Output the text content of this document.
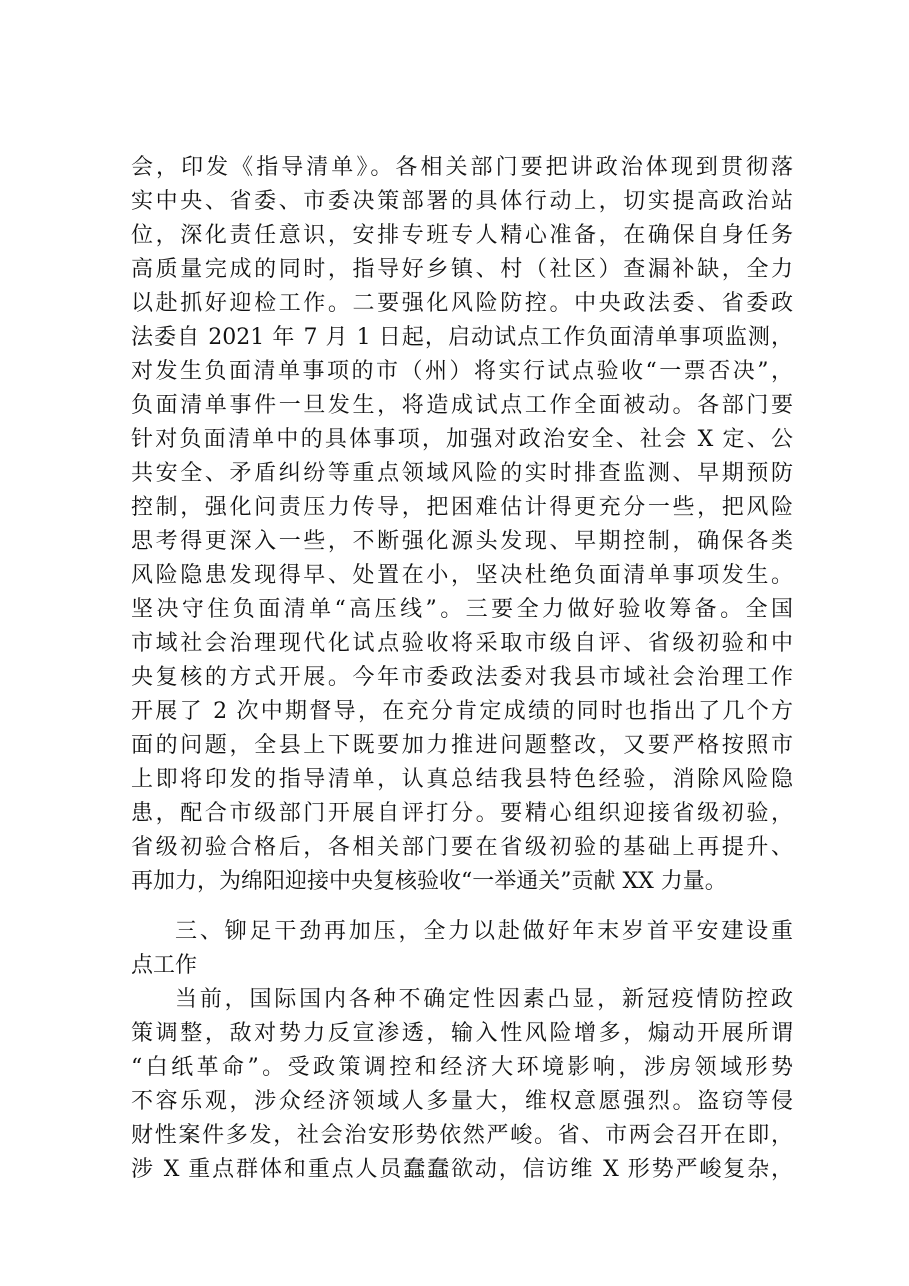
会，印发《指导清单》。各相关部门要把讲政治体现到贯彻落
实中央、省委、市委决策部署的具体行动上，切实提高政治站
位，深化责任意识，安排专班专人精心准备，在确保自身任务
高质量完成的同时，指导好乡镇、村（社区）查漏补缺，全力
以赴抓好迎检工作。二要强化风险防控。中央政法委、省委政
法委自 2021 年 7 月 1 日起，启动试点工作负面清单事项监测，
对发生负面清单事项的市（州）将实行试点验收“一票否决”，
负面清单事件一旦发生，将造成试点工作全面被动。各部门要
针对负面清单中的具体事项，加强对政治安全、社会 X 定、公
共安全、矛盾纠纷等重点领域风险的实时排查监测、早期预防
控制，强化问责压力传导，把困难估计得更充分一些，把风险
思考得更深入一些，不断强化源头发现、早期控制，确保各类
风险隐患发现得早、处置在小，坚决杜绝负面清单事项发生。
坚决守住负面清单“高压线”。三要全力做好验收筹备。全国
市域社会治理现代化试点验收将采取市级自评、省级初验和中
央复核的方式开展。今年市委政法委对我县市域社会治理工作
开展了 2 次中期督导，在充分肯定成绩的同时也指出了几个方
面的问题，全县上下既要加力推进问题整改，又要严格按照市
上即将印发的指导清单，认真总结我县特色经验，消除风险隐
患，配合市级部门开展自评打分。要精心组织迎接省级初验，
省级初验合格后，各相关部门要在省级初验的基础上再提升、
再加力，为绵阳迎接中央复核验收“一举通关”贡献 XX 力量。
三、铆足干劲再加压，全力以赴做好年末岁首平安建设重
点工作
当前，国际国内各种不确定性因素凸显，新冠疫情防控政
策调整，敌对势力反宣渗透，输入性风险增多，煽动开展所谓
“白纸革命”。受政策调控和经济大环境影响，涉房领域形势
不容乐观，涉众经济领域人多量大，维权意愿强烈。盗窃等侵
财性案件多发，社会治安形势依然严峻。省、市两会召开在即，
涉 X 重点群体和重点人员蠢蠢欲动，信访维 X 形势严峻复杂，
